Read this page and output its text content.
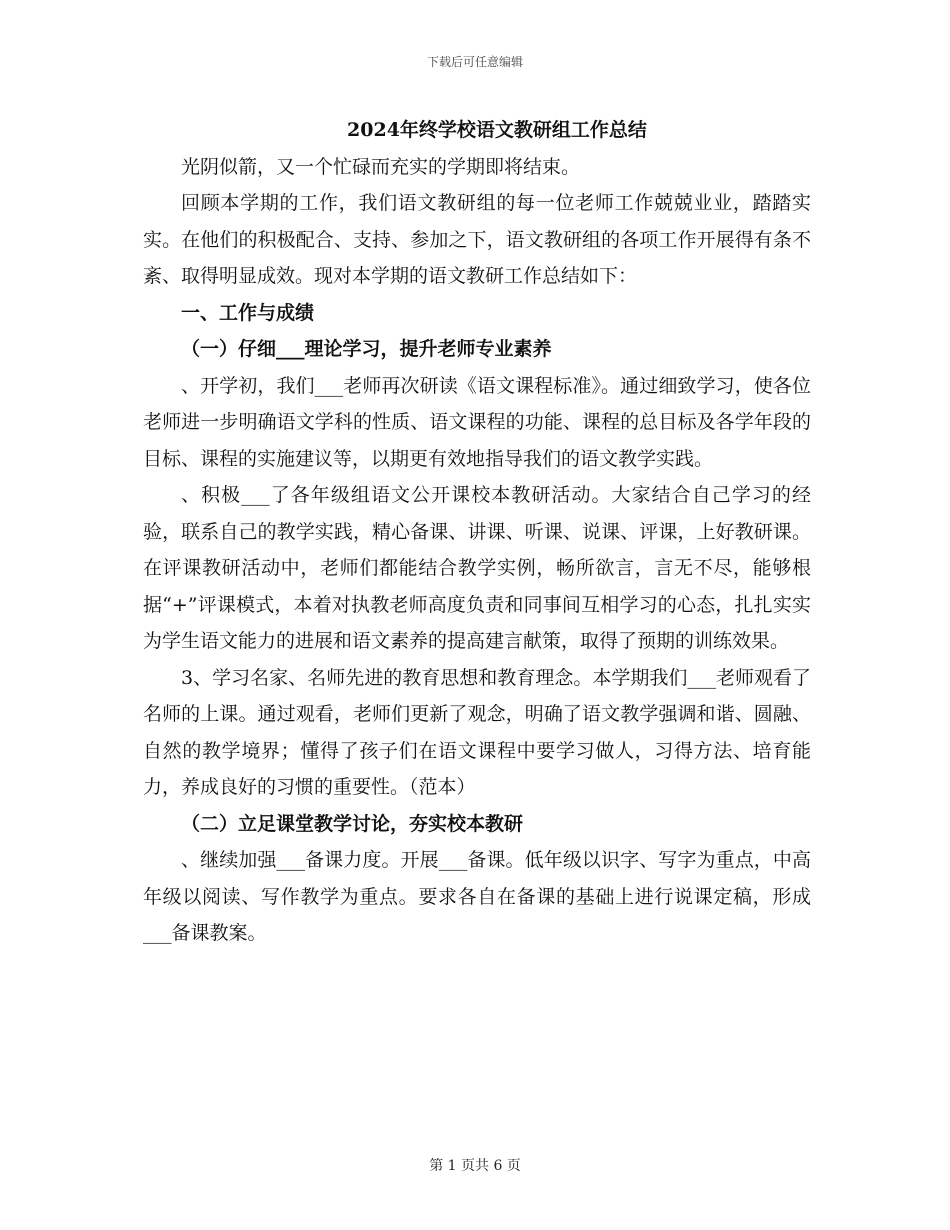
下载后可任意编辑
2024年终学校语文教研组工作总结

光阴似箭，又一个忙碌而充实的学期即将结束。

回顾本学期的工作，我们语文教研组的每一位老师工作兢兢业业，踏踏实实。在他们的积极配合、支持、参加之下，语文教研组的各项工作开展得有条不紊、取得明显成效。现对本学期的语文教研工作总结如下：

一、工作与成绩
（一）仔细___理论学习，提升老师专业素养

、开学初，我们___老师再次研读《语文课程标准》。通过细致学习，使各位老师进一步明确语文学科的性质、语文课程的功能、课程的总目标及各学年段的目标、课程的实施建议等，以期更有效地指导我们的语文教学实践。

、积极___了各年级组语文公开课校本教研活动。大家结合自己学习的经验，联系自己的教学实践，精心备课、讲课、听课、说课、评课，上好教研课。在评课教研活动中，老师们都能结合教学实例，畅所欲言，言无不尽，能够根据“+”评课模式，本着对执教老师高度负责和同事间互相学习的心态，扎扎实实为学生语文能力的进展和语文素养的提高建言献策，取得了预期的训练效果。

3、学习名家、名师先进的教育思想和教育理念。本学期我们___老师观看了名师的上课。通过观看，老师们更新了观念，明确了语文教学强调和谐、圆融、自然的教学境界；懂得了孩子们在语文课程中要学习做人，习得方法、培育能力，养成良好的习惯的重要性。（范本）

（二）立足课堂教学讨论，夯实校本教研

、继续加强___备课力度。开展___备课。低年级以识字、写字为重点，中高年级以阅读、写作教学为重点。要求各自在备课的基础上进行说课定稿，形成___备课教案。

第 1 页共 6 页
